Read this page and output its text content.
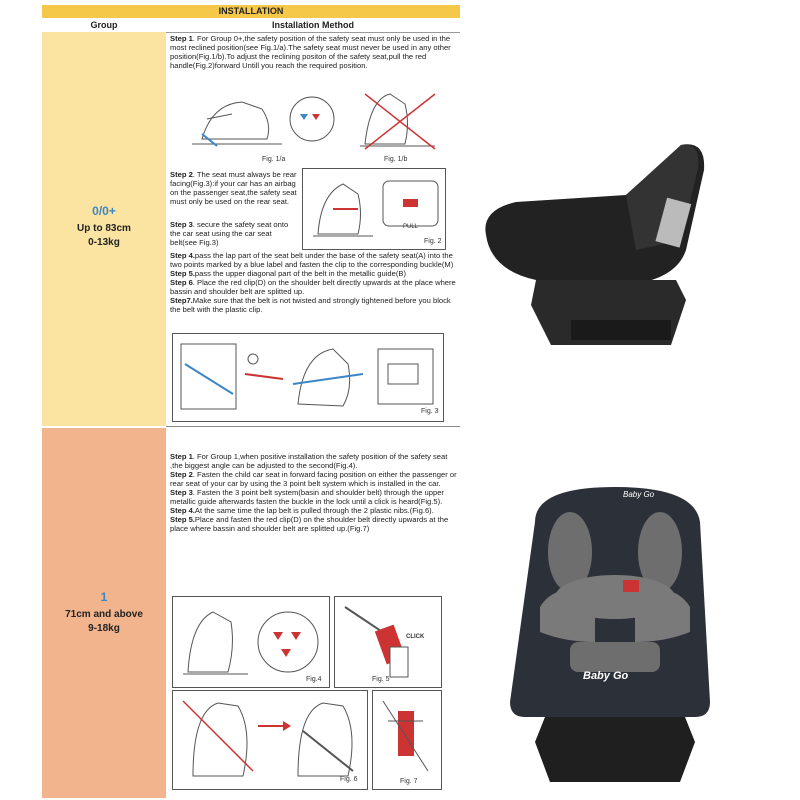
INSTALLATION
Group	Installation Method
0/0+
Up to 83cm
0-13kg
Step 1. For Group 0+,the safety position of the safety seat must only be used in the most reclined position(see Fig.1/a).The safety seat must never be used in any other position(Fig.1/b).To adjust the reclining positon of the safety seat,pull the red handle(Fig.2)forward Untill you reach the required position.
Fig. 1/a	Fig. 1/b
Step 2. The seat must always be rear facing(Fig.3):if your car has an airbag on the passenger seat,the safety seat must only be used on the rear seat.
Step 3. secure the safety seat onto the car seat using the car seat belt(see Fig.3)
PULL
Fig. 2
Step 4.pass the lap part of the seat belt under the base of the safety seat(A) into the two points marked by a blue label and fasten the clip to the corresponding buckle(M)
Step 5.pass the upper diagonal part of the belt in the metallic guide(B)
Step 6. Place the red clip(D) on the shoulder belt directly upwards at the place where bassin and shoulder belt are splitted up.
Step7.Make sure that the belt is not twisted and strongly tightened before you block the belt with the plastic clip.
Fig. 3
1
71cm and above
9-18kg
Step 1. For Group 1,when positive installation the safety position of the safety seat ,the biggest angle can be adjusted to the second(Fig.4).
Step 2. Fasten the child car seat in forward facing position on either the passenger or rear seat of your car by using the 3 point belt system which is installed in the car.
Step 3. Fasten the 3 point belt system(basin and shoulder belt) through the upper metallic guide afterwards fasten the buckle in the lock until a click is heard(Fig.5).
Step 4.At the same time the lap belt is pulled through the 2 plastic nibs.(Fig.6).
Step 5.Place and fasten the red clip(D) on the shoulder belt directly upwards at the place where bassin and shoulder belt are splitted up.(Fig.7)
Fig.4
CLICK
Fig. 5
Fig. 6	Fig. 7
Baby Go
Baby Go
